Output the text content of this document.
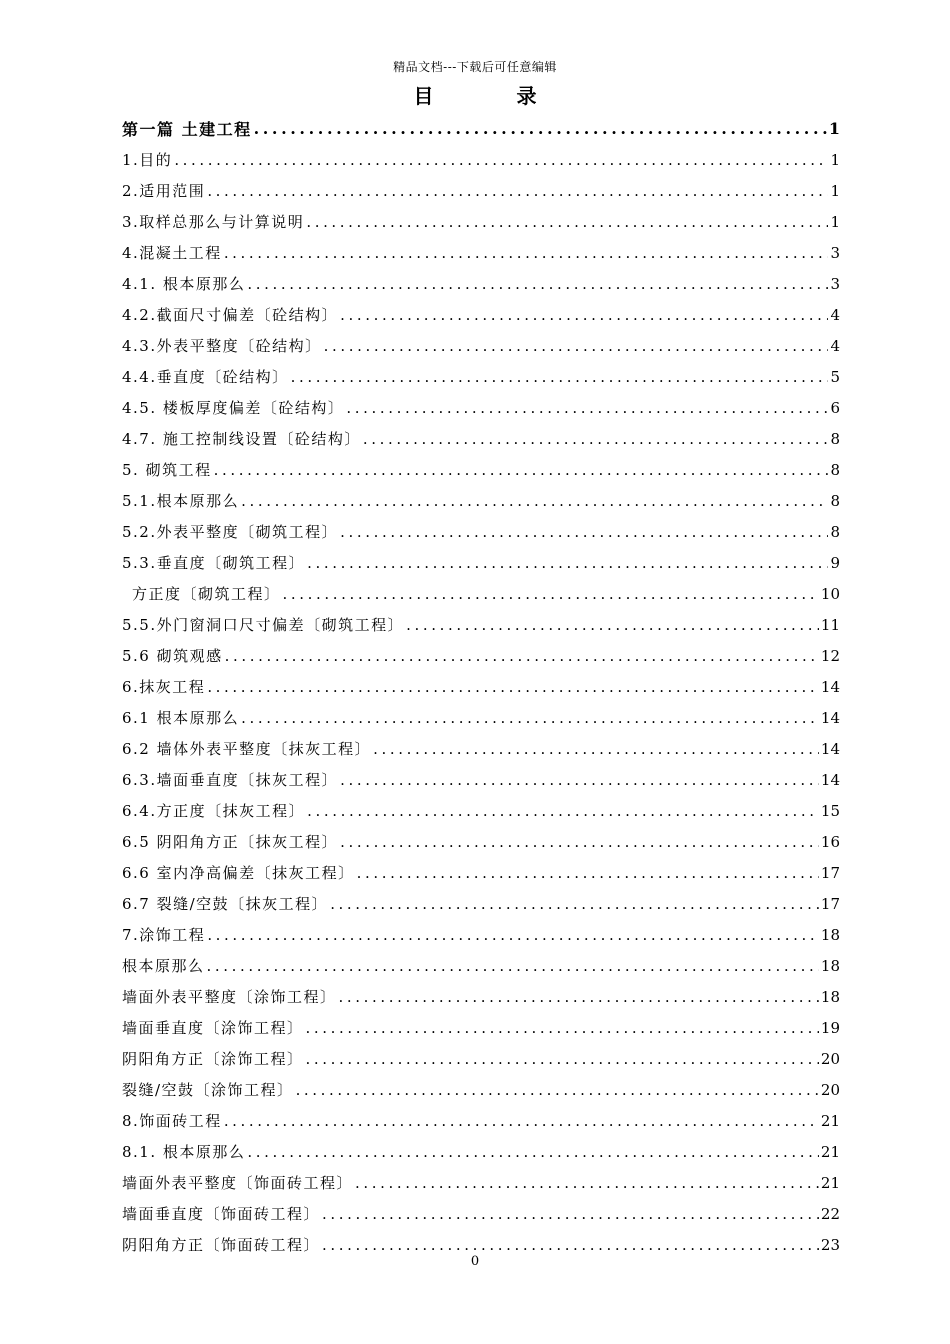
精品文档---下载后可任意编辑
目 录
第一篇 土建工程 .....	1
1.目的 .....	1
2.适用范围 .....	1
3.取样总那么与计算说明 .....	1
4.混凝土工程 .....	3
4.1. 根本原那么 .....	3
4.2.截面尺寸偏差〔砼结构〕 .....	4
4.3.外表平整度〔砼结构〕 .....	4
4.4.垂直度〔砼结构〕 .....	5
4.5. 楼板厚度偏差〔砼结构〕 .....	6
4.7. 施工控制线设置〔砼结构〕 .....	8
5. 砌筑工程 .....	8
5.1.根本原那么 .....	8
5.2.外表平整度〔砌筑工程〕 .....	8
5.3.垂直度〔砌筑工程〕 .....	9
方正度〔砌筑工程〕 .....	10
5.5.外门窗洞口尺寸偏差〔砌筑工程〕 .....	11
5.6 砌筑观感 .....	12
6.抹灰工程 .....	14
6.1 根本原那么 .....	14
6.2 墙体外表平整度〔抹灰工程〕 .....	14
6.3.墙面垂直度〔抹灰工程〕 .....	14
6.4.方正度〔抹灰工程〕 .....	15
6.5 阴阳角方正〔抹灰工程〕 .....	16
6.6 室内净高偏差〔抹灰工程〕 .....	17
6.7 裂缝/空鼓〔抹灰工程〕 .....	17
7.涂饰工程 .....	18
根本原那么 .....	18
墙面外表平整度〔涂饰工程〕 .....	18
墙面垂直度〔涂饰工程〕 .....	19
阴阳角方正〔涂饰工程〕 .....	20
裂缝/空鼓〔涂饰工程〕 .....	20
8.饰面砖工程 .....	21
8.1. 根本原那么 .....	21
墙面外表平整度〔饰面砖工程〕 .....	21
墙面垂直度〔饰面砖工程〕 .....	22
阴阳角方正〔饰面砖工程〕 .....	23
0
